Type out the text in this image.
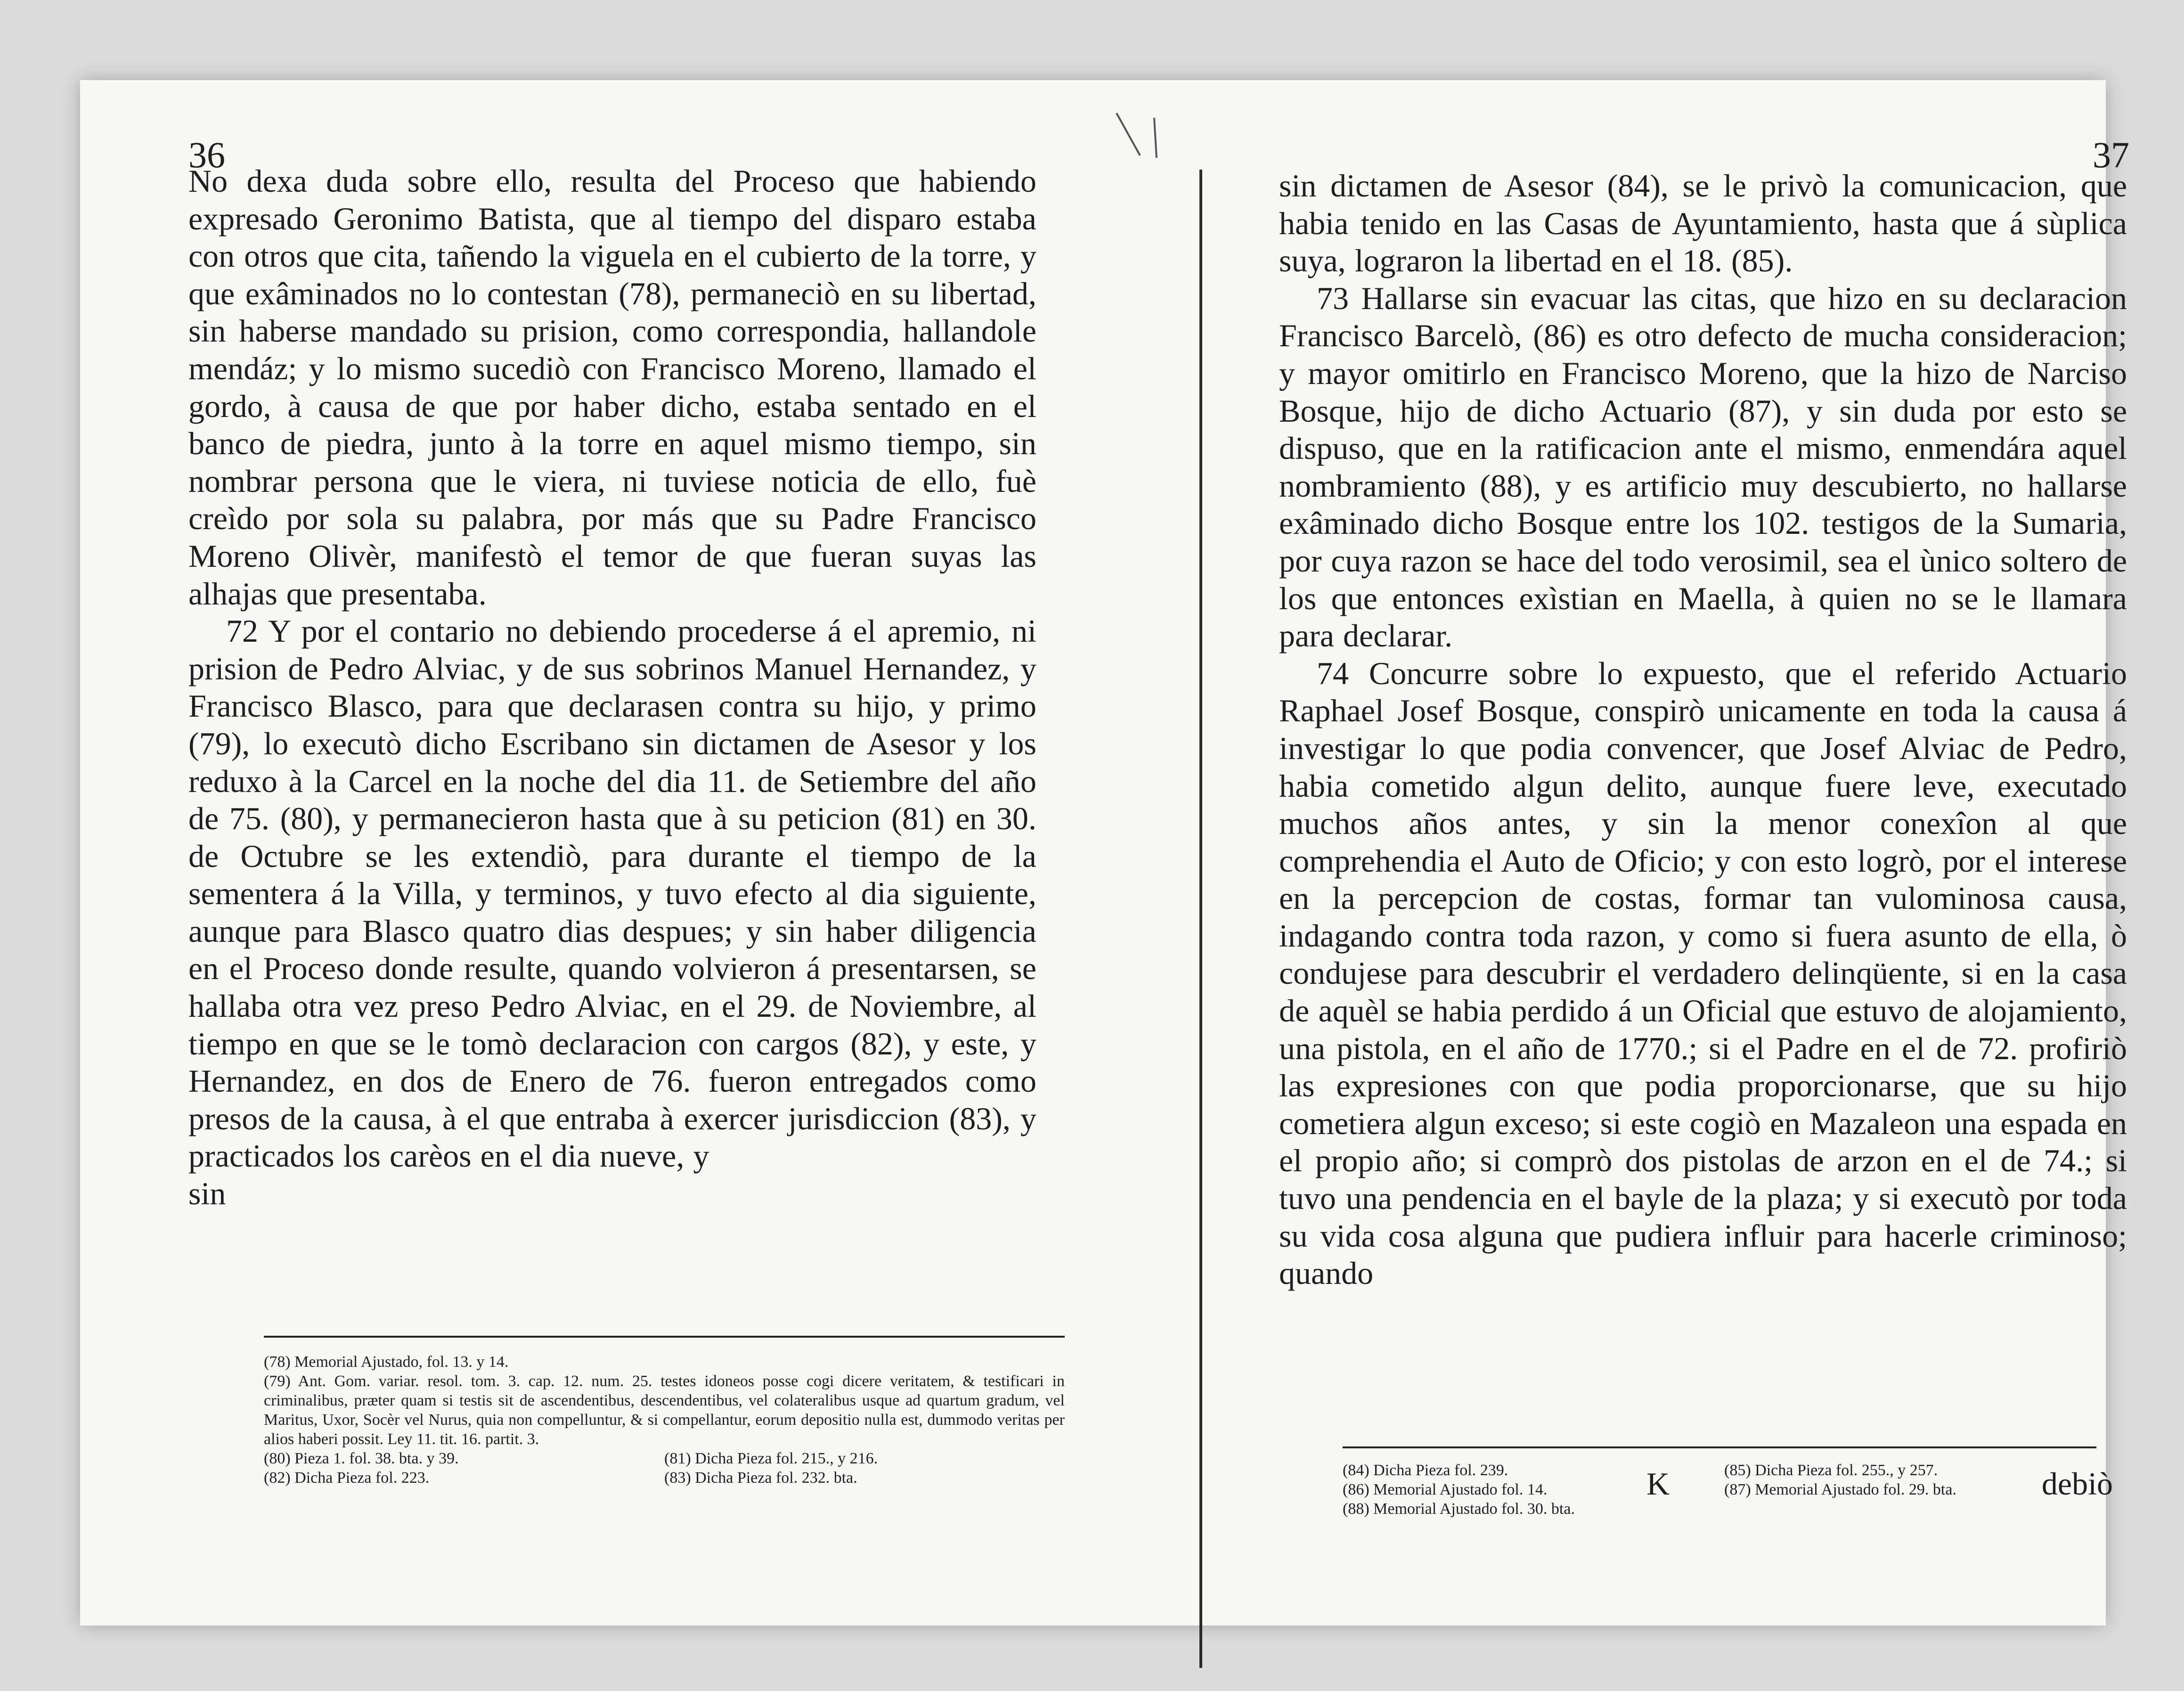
36

No dexa duda sobre ello, resulta del Proceso que habiendo expresado Geronimo Batista, que al tiempo del disparo estaba con otros que cita, tañendo la viguela en el cubierto de la torre, y que exâminados no lo contestan (78), permaneciò en su libertad, sin haberse mandado su prision, como correspondia, hallandole mendáz; y lo mismo sucediò con Francisco Moreno, llamado el gordo, à causa de que por haber dicho, estaba sentado en el banco de piedra, junto à la torre en aquel mismo tiempo, sin nombrar persona que le viera, ni tuviese noticia de ello, fuè creìdo por sola su palabra, por más que su Padre Francisco Moreno Olivèr, manifestò el temor de que fueran suyas las alhajas que presentaba.

72 Y por el contario no debiendo procederse á el apremio, ni prision de Pedro Alviac, y de sus sobrinos Manuel Hernandez, y Francisco Blasco, para que declarasen contra su hijo, y primo (79), lo executò dicho Escribano sin dictamen de Asesor y los reduxo à la Carcel en la noche del dia 11. de Setiembre del año de 75. (80), y permanecieron hasta que à su peticion (81) en 30. de Octubre se les extendiò, para durante el tiempo de la sementera á la Villa, y terminos, y tuvo efecto al dia siguiente, aunque para Blasco quatro dias despues; y sin haber diligencia en el Proceso donde resulte, quando volvieron á presentarsen, se hallaba otra vez preso Pedro Alviac, en el 29. de Noviembre, al tiempo en que se le tomò declaracion con cargos (82), y este, y Hernandez, en dos de Enero de 76. fueron entregados como presos de la causa, à el que entraba à exercer jurisdiccion (83), y practicados los carèos en el dia nueve, y

sin

(78) Memorial Ajustado, fol. 13. y 14.

(79) Ant. Gom. variar. resol. tom. 3. cap. 12. num. 25. testes idoneos posse cogi dicere veritatem, & testificari in criminalibus, præter quam si testis sit de ascendentibus, descendentibus, vel colateralibus usque ad quartum gradum, vel Maritus, Uxor, Socèr vel Nurus, quia non compelluntur, & si compellantur, eorum depositio nulla est, dummodo veritas per alios haberi possit. Ley 11. tit. 16. partit. 3.

(80) Pieza 1. fol. 38. bta. y 39.	(81) Dicha Pieza fol. 215., y 216.
(82) Dicha Pieza fol. 223.	(83) Dicha Pieza fol. 232. bta.
37

sin dictamen de Asesor (84), se le privò la comunicacion, que habia tenido en las Casas de Ayuntamiento, hasta que á sùplica suya, lograron la libertad en el 18. (85).

73 Hallarse sin evacuar las citas, que hizo en su declaracion Francisco Barcelò, (86) es otro defecto de mucha consideracion; y mayor omitirlo en Francisco Moreno, que la hizo de Narciso Bosque, hijo de dicho Actuario (87), y sin duda por esto se dispuso, que en la ratificacion ante el mismo, enmendára aquel nombramiento (88), y es artificio muy descubierto, no hallarse exâminado dicho Bosque entre los 102. testigos de la Sumaria, por cuya razon se hace del todo verosimil, sea el ùnico soltero de los que entonces exìstian en Maella, à quien no se le llamara para declarar.

74 Concurre sobre lo expuesto, que el referido Actuario Raphael Josef Bosque, conspirò unicamente en toda la causa á investigar lo que podia convencer, que Josef Alviac de Pedro, habia cometido algun delito, aunque fuere leve, executado muchos años antes, y sin la menor conexîon al que comprehendia el Auto de Oficio; y con esto logrò, por el interese en la percepcion de costas, formar tan vulominosa causa, indagando contra toda razon, y como si fuera asunto de ella, ò condujese para descubrir el verdadero delinqüente, si en la casa de aquèl se habia perdido á un Oficial que estuvo de alojamiento, una pistola, en el año de 1770.; si el Padre en el de 72. profiriò las expresiones con que podia proporcionarse, que su hijo cometiera algun exceso; si este cogiò en Mazaleon una espada en el propio año; si comprò dos pistolas de arzon en el de 74.; si tuvo una pendencia en el bayle de la plaza; y si executò por toda su vida cosa alguna que pudiera influir para hacerle criminoso; quando

K	debiò
(84) Dicha Pieza fol. 239.	(85) Dicha Pieza fol. 255., y 257.
(86) Memorial Ajustado fol. 14.	(87) Memorial Ajustado fol. 29. bta.

(88) Memorial Ajustado fol. 30. bta.
